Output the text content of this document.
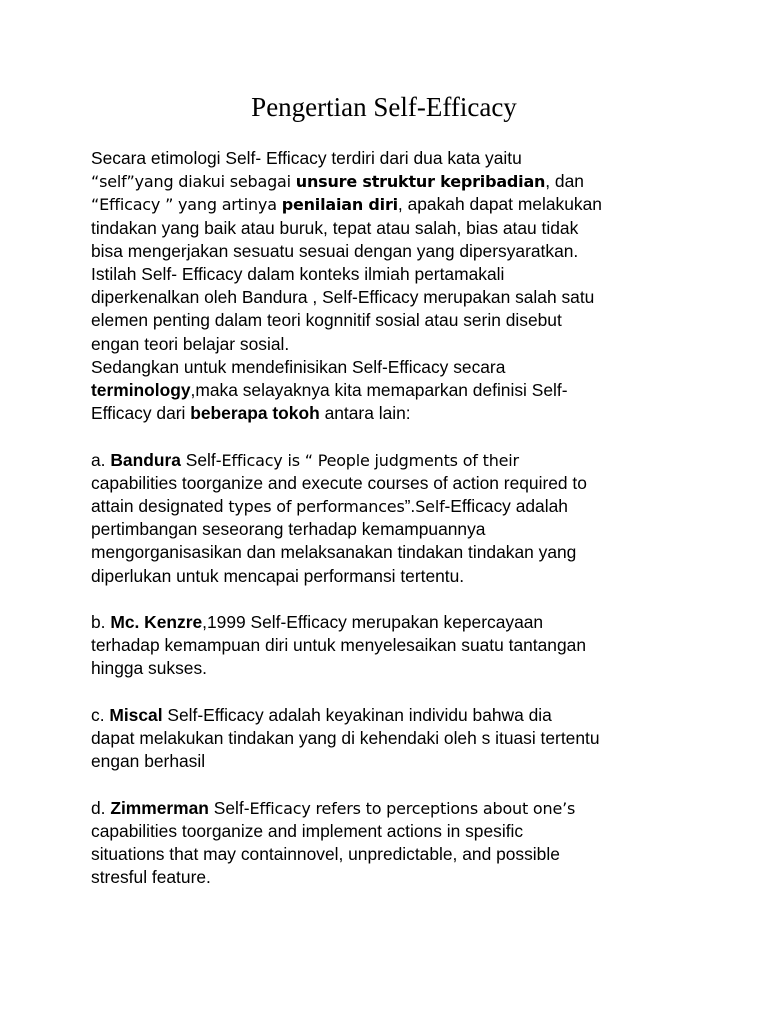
Pengertian Self-Efficacy

Secara etimologi Self- Efficacy terdiri dari dua kata yaitu
“self”yang diakui sebagai unsure struktur kepribadian, dan
“Efficacy ” yang artinya penilaian diri, apakah dapat melakukan
tindakan yang baik atau buruk, tepat atau salah, bias atau tidak
bisa mengerjakan sesuatu sesuai dengan yang dipersyaratkan.
Istilah Self- Efficacy dalam konteks ilmiah pertamakali
diperkenalkan oleh Bandura , Self-Efficacy merupakan salah satu
elemen penting dalam teori kognnitif sosial atau serin disebut
engan teori belajar sosial.
Sedangkan untuk mendefinisikan Self-Efficacy secara
terminology,maka selayaknya kita memaparkan definisi Self-
Efficacy dari beberapa tokoh antara lain:

a. Bandura Self-Efficacy is “ People judgments of their
capabilities toorganize and execute courses of action required to
attain designated types of performances”.Self-Efficacy adalah
pertimbangan seseorang terhadap kemampuannya
mengorganisasikan dan melaksanakan tindakan tindakan yang
diperlukan untuk mencapai performansi tertentu.

b. Mc. Kenzre,1999 Self-Efficacy merupakan kepercayaan
terhadap kemampuan diri untuk menyelesaikan suatu tantangan
hingga sukses.

c. Miscal Self-Efficacy adalah keyakinan individu bahwa dia
dapat melakukan tindakan yang di kehendaki oleh s ituasi tertentu
engan berhasil

d. Zimmerman Self-Efficacy refers to perceptions about one’s
capabilities toorganize and implement actions in spesific
situations that may containnovel, unpredictable, and possible
stresful feature.
